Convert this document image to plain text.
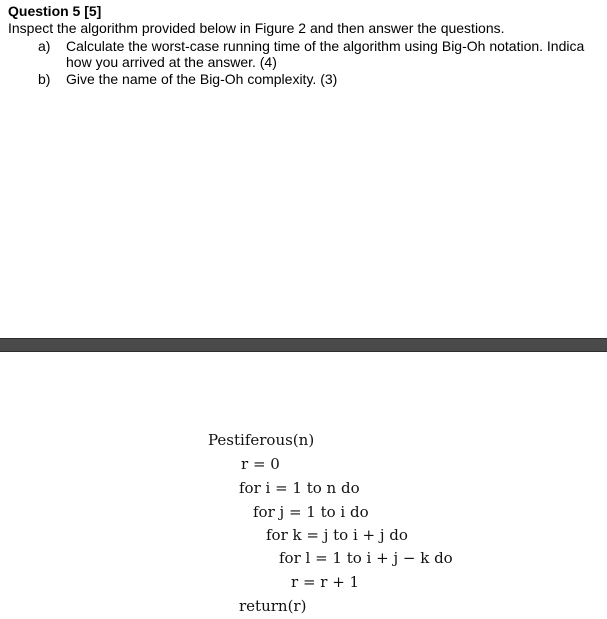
Question 5 [5]
Inspect the algorithm provided below in Figure 2 and then answer the questions.
a) Calculate the worst-case running time of the algorithm using Big-Oh notation. Indica
how you arrived at the answer. (4)
b) Give the name of the Big-Oh complexity. (3)
Pestiferous(n)
r = 0
for i = 1 to n do
for j = 1 to i do
for k = j to i + j do
for l = 1 to i + j − k do
r = r + 1
return(r)
